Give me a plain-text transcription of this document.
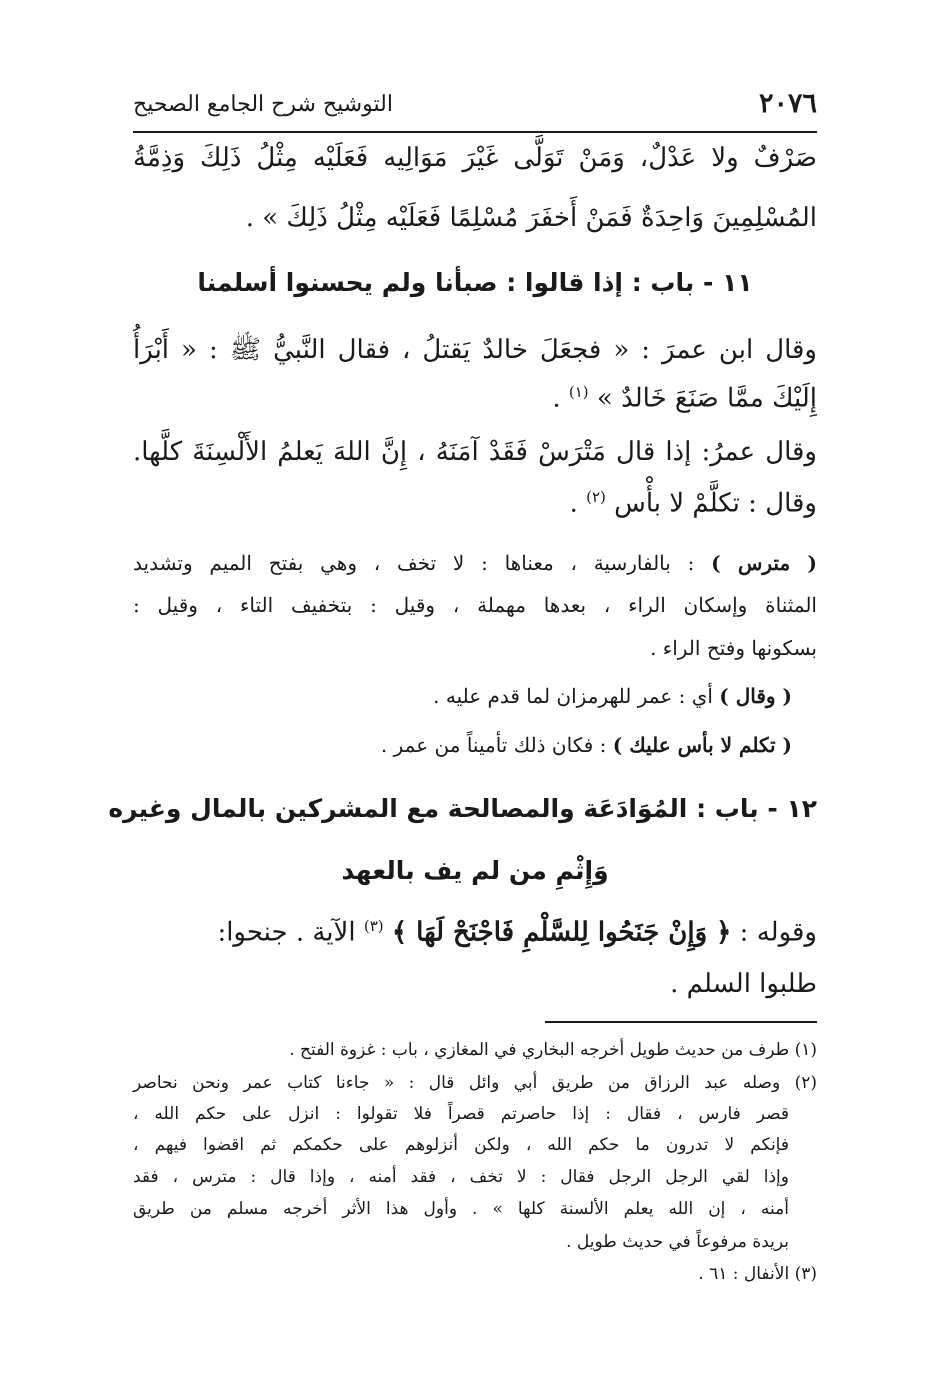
٢٠٧٦
التوشيح شرح الجامع الصحيح
صَرْفٌ ولا عَدْلٌ، وَمَنْ تَوَلَّى غَيْرَ مَوَالِيه فَعَلَيْه مِثْلُ ذَلِكَ وَذِمَّةُ
المُسْلِمِينَ وَاحِدَةٌ فَمَنْ أَخفَرَ مُسْلِمًا فَعَلَيْه مِثْلُ ذَلِكَ » .
١١ - باب : إذا قالوا : صبأنا ولم يحسنوا أسلمنا
وقال ابن عمرَ : « فجعَلَ خالدٌ يَقتلُ ، فقال النَّبيُّ ﷺ : « أَبْرَأُ
إِلَيْكَ ممَّا صَنَعَ خَالدٌ » $^{(١)}$ .
وقال عمرُ: إذا قال مَتْرَسْ فَقَدْ آمَنَهُ ، إِنَّ اللهَ يَعلمُ الأَلْسِنَةَ كلَّها.
وقال : تكلَّمْ لا بأْس $^{(٢)}$ .
( مترس ) : بالفارسية ، معناها : لا تخف ، وهي بفتح الميم وتشديد
المثناة وإسكان الراء ، بعدها مهملة ، وقيل : بتخفيف التاء ، وقيل :
بسكونها وفتح الراء .
( وقال ) أي : عمر للهرمزان لما قدم عليه .
( تكلم لا بأس عليك ) : فكان ذلك تأميناً من عمر .
١٢ - باب : المُوَادَعَة والمصالحة مع المشركين بالمال وغيره
وَإِثْمِ من لم يف بالعهد
وقوله : ﴿ وَإِنْ جَنَحُوا لِلسَّلْمِ فَاجْنَحْ لَهَا ﴾ $^{(٣)}$ الآية . جنحوا:
طلبوا السلم .
(١) طرف من حديث طويل أخرجه البخاري في المغازي ، باب : غزوة الفتح .
(٢) وصله عبد الرزاق من طريق أبي وائل قال : « جاءنا كتاب عمر ونحن نحاصر
قصر فارس ، فقال : إذا حاصرتم قصراً فلا تقولوا : انزل على حكم الله ،
فإنكم لا تدرون ما حكم الله ، ولكن أنزلوهم على حكمكم ثم اقضوا فيهم ،
وإذا لقي الرجل الرجل فقال : لا تخف ، فقد أمنه ، وإذا قال : مترس ، فقد
أمنه ، إن الله يعلم الألسنة كلها » . وأول هذا الأثر أخرجه مسلم من طريق
بريدة مرفوعاً في حديث طويل .
(٣) الأنفال : ٦١ .
